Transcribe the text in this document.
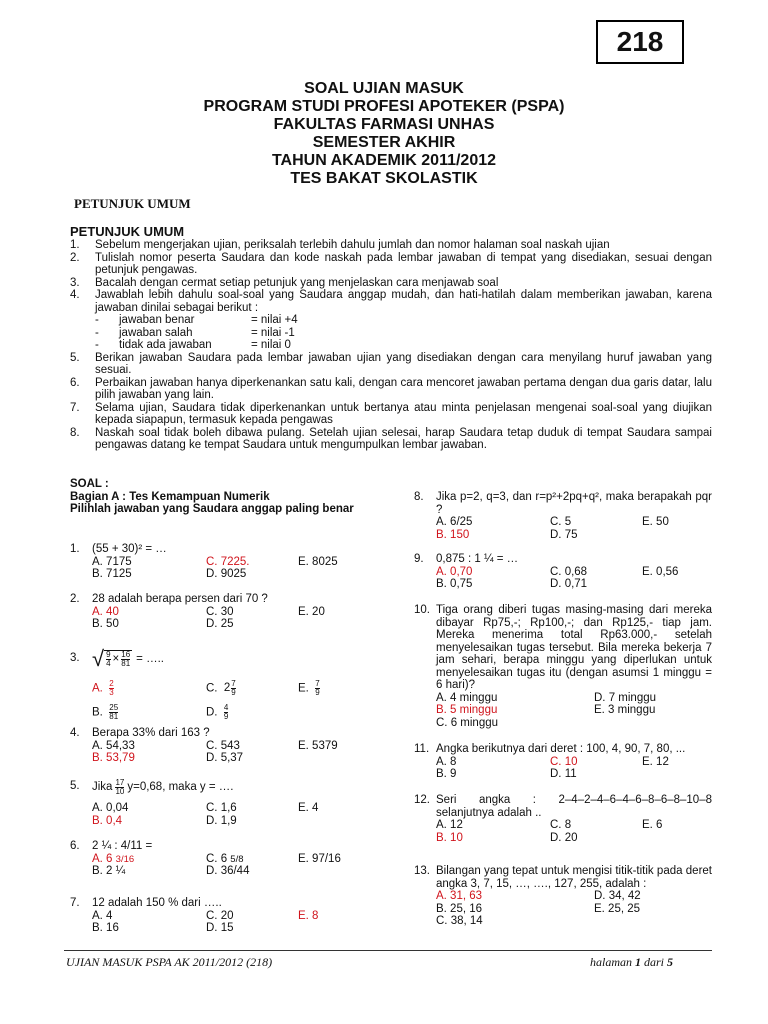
218
SOAL UJIAN MASUK
PROGRAM STUDI PROFESI APOTEKER (PSPA)
FAKULTAS FARMASI UNHAS
SEMESTER AKHIR
TAHUN AKADEMIK 2011/2012
TES BAKAT SKOLASTIK
PETUNJUK UMUM
PETUNJUK UMUM
1.	Sebelum mengerjakan ujian, periksalah terlebih dahulu jumlah dan nomor halaman soal naskah ujian
2.	Tulislah nomor peserta Saudara dan kode naskah pada lembar jawaban di tempat yang disediakan, sesuai dengan petunjuk pengawas.
3.	Bacalah dengan cermat setiap petunjuk yang menjelaskan cara menjawab soal
4.	Jawablah lebih dahulu soal-soal yang Saudara anggap mudah, dan hati-hatilah dalam memberikan jawaban, karena jawaban dinilai sebagai berikut :
-	jawaban benar	= nilai +4
-	jawaban salah	= nilai -1
-	tidak ada jawaban	= nilai 0
5.	Berikan jawaban Saudara pada lembar jawaban ujian yang disediakan dengan cara menyilang huruf jawaban yang sesuai.
6.	Perbaikan jawaban hanya diperkenankan satu kali, dengan cara mencoret jawaban pertama dengan dua garis datar, lalu pilih jawaban yang lain.
7.	Selama ujian, Saudara tidak diperkenankan untuk bertanya atau minta penjelasan mengenai soal-soal yang diujikan kepada siapapun, termasuk kepada pengawas
8.	Naskah soal tidak boleh dibawa pulang. Setelah ujian selesai, harap Saudara tetap duduk di tempat Saudara sampai pengawas datang ke tempat Saudara untuk mengumpulkan lembar jawaban.
SOAL :
Bagian A : Tes Kemampuan Numerik
Pilihlah jawaban yang Saudara anggap paling benar
1. (55 + 30)² = …
A. 7175	C. 7225.	E. 8025
B. 7125	D. 9025
2. 28 adalah berapa persen dari 70 ?
A. 40	C. 30	E. 20
B. 50	D. 25
3. √ $\frac{9}{4} \times \frac{16}{81}$ = …..
A. $\frac{2}{3}$	C. $2 \frac{7}{9}$	E. $\frac{7}{9}$
B. $\frac{25}{81}$	D. $\frac{4}{9}$
4. Berapa 33% dari 163 ?
A. 54,33	C. 543	E. 5379
B. 53,79	D. 5,37
5. Jika $\frac{17}{10} y=0,68$, maka y = ….
A. 0,04	C. 1,6	E. 4
B. 0,4	D. 1,9
6. 2 ¼ : 4/11 =
A. 6 3/16	C. 6 5/8	E. 97/16
B. 2 ¼	D. 36/44
7. 12 adalah 150 % dari …..
A. 4	C. 20	E. 8
B. 16	D. 15
8. Jika p=2, q=3, dan r=p²+2pq+q², maka berapakah pqr ?
A. 6/25	C. 5	E. 50
B. 150	D. 75
9. 0,875 : 1 ¼ = …
A. 0,70	C. 0,68	E. 0,56
B. 0,75	D. 0,71
10. Tiga orang diberi tugas masing-masing dari mereka dibayar Rp75,-; Rp100,-; dan Rp125,- tiap jam. Mereka menerima total Rp63.000,- setelah menyelesaikan tugas tersebut. Bila mereka bekerja 7 jam sehari, berapa minggu yang diperlukan untuk menyelesaikan tugas itu (dengan asumsi 1 minggu = 6 hari)?
A. 4 minggu	D. 7 minggu
B. 5 minggu	E. 3 minggu
C. 6 minggu
11. Angka berikutnya dari deret : 100, 4, 90, 7, 80, ...
A. 8	C. 10	E. 12
B. 9	D. 11
12. Seri angka : 2–4–2–4–6–4–6–8–6–8–10–8 selanjutnya adalah ..
A. 12	C. 8	E. 6
B. 10	D. 20
13. Bilangan yang tepat untuk mengisi titik-titik pada deret angka 3, 7, 15, …, …., 127, 255, adalah :
A. 31, 63	D. 34, 42
B. 25, 16	E. 25, 25
C. 38, 14
UJIAN MASUK PSPA AK 2011/2012 (218)	halaman 1 dari 5
